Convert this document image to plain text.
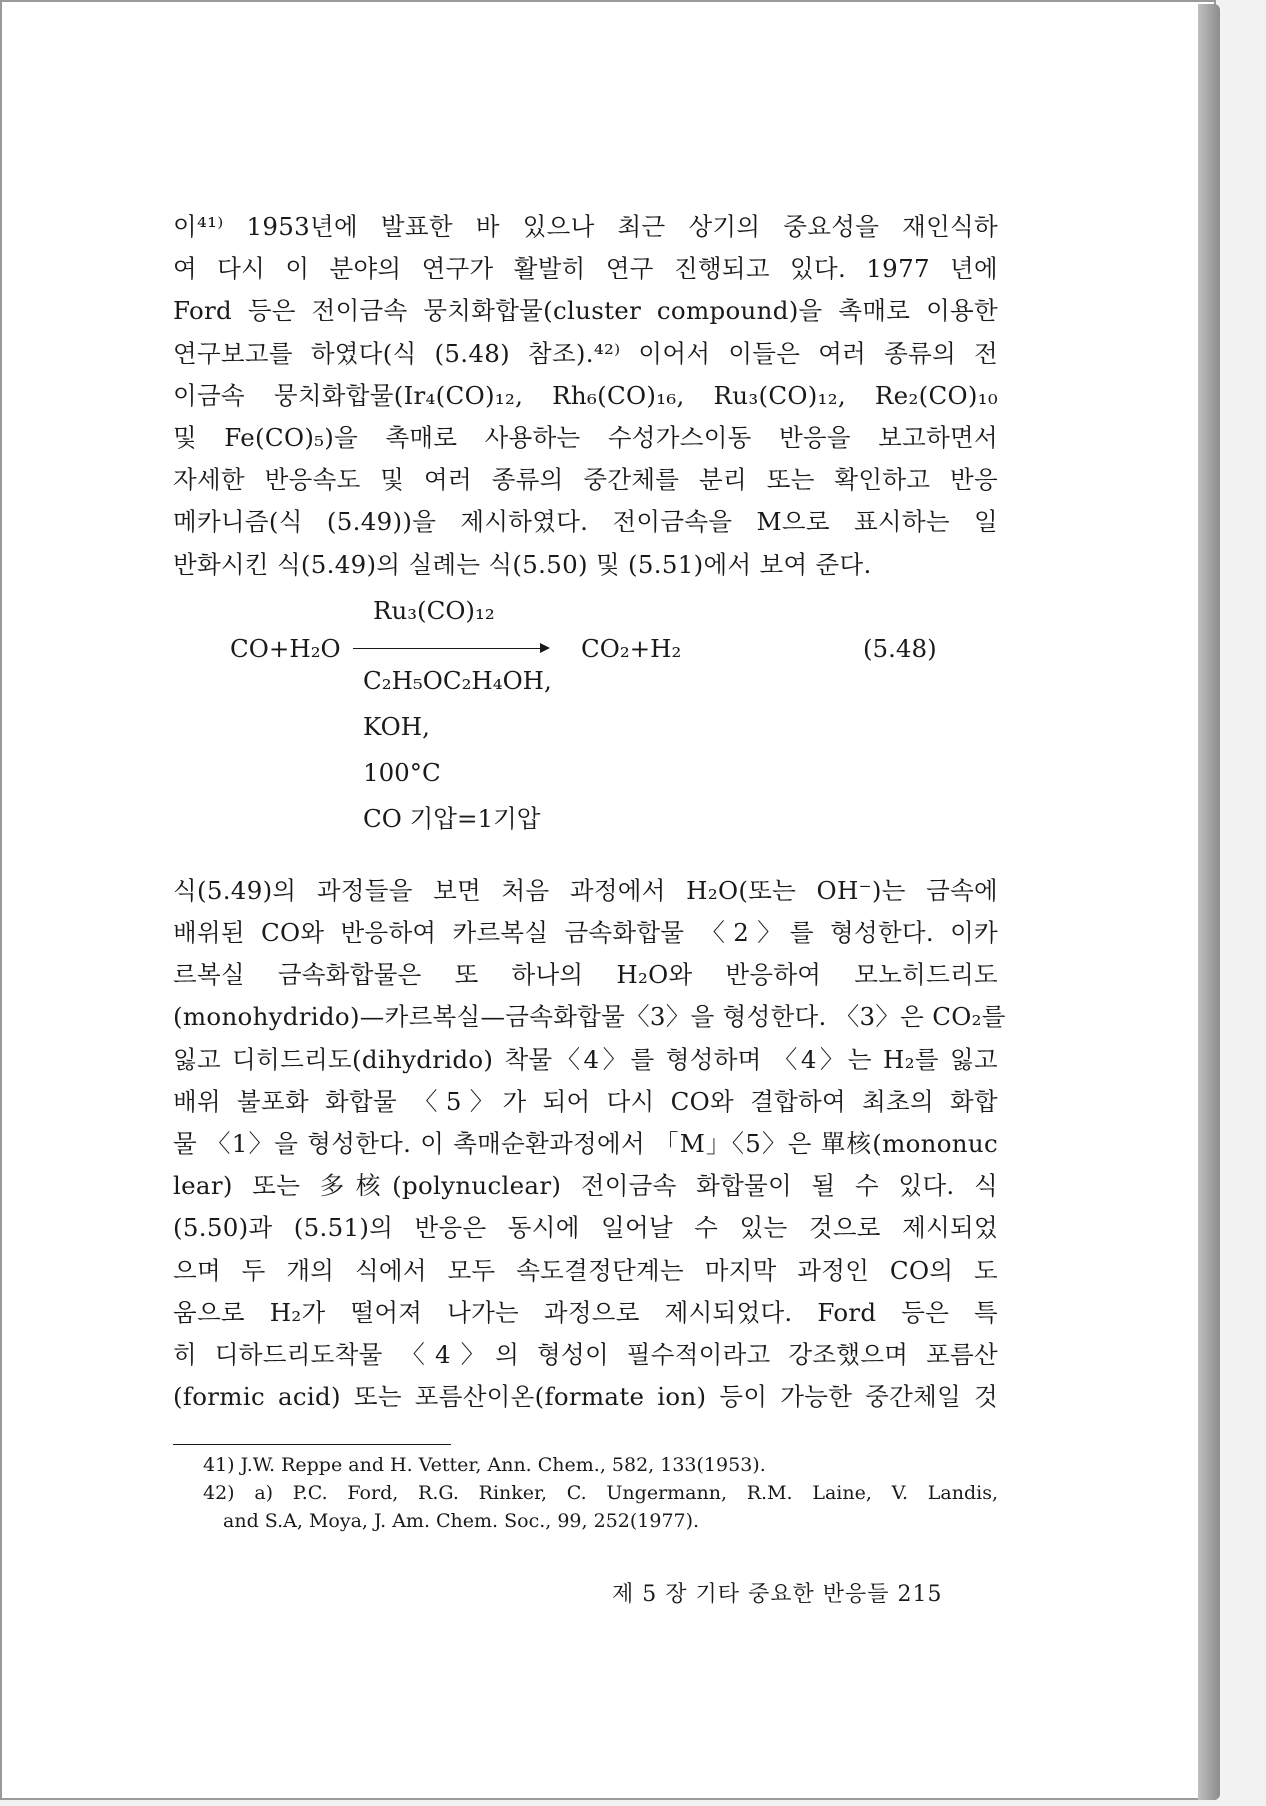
이⁴¹⁾ 1953년에 발표한 바 있으나 최근 상기의 중요성을 재인식하
여 다시 이 분야의 연구가 활발히 연구 진행되고 있다. 1977 년에
Ford 등은 전이금속 뭉치화합물(cluster compound)을 촉매로 이용한
연구보고를 하였다(식 (5.48) 참조).⁴²⁾ 이어서 이들은 여러 종류의 전
이금속 뭉치화합물(Ir₄(CO)₁₂, Rh₆(CO)₁₆, Ru₃(CO)₁₂, Re₂(CO)₁₀
및 Fe(CO)₅)을 촉매로 사용하는 수성가스이동 반응을 보고하면서
자세한 반응속도 및 여러 종류의 중간체를 분리 또는 확인하고 반응
메카니즘(식 (5.49))을 제시하였다. 전이금속을 M으로 표시하는 일
반화시킨 식(5.49)의 실례는 식(5.50) 및 (5.51)에서 보여 준다.

CO+H₂O
Ru₃(CO)₁₂
CO₂+H₂	(5.48)
C₂H₅OC₂H₄OH,
KOH,
100°C
CO 기압=1기압

식(5.49)의 과정들을 보면 처음 과정에서 H₂O(또는 OH⁻)는 금속에
배위된 CO와 반응하여 카르복실 금속화합물 〈2〉를 형성한다. 이카
르복실 금속화합물은 또 하나의 H₂O와 반응하여 모노히드리도
(monohydrido)—카르복실—금속화합물〈3〉을 형성한다. 〈3〉은 CO₂를
잃고 디히드리도(dihydrido) 착물〈4〉를 형성하며 〈4〉는 H₂를 잃고
배위 불포화 화합물 〈5〉가 되어 다시 CO와 결합하여 최초의 화합
물 〈1〉을 형성한다. 이 촉매순환과정에서 「M」〈5〉은 單核(mononuc
lear) 또는 多核(polynuclear) 전이금속 화합물이 될 수 있다. 식
(5.50)과 (5.51)의 반응은 동시에 일어날 수 있는 것으로 제시되었
으며 두 개의 식에서 모두 속도결정단계는 마지막 과정인 CO의 도
움으로 H₂가 떨어져 나가는 과정으로 제시되었다. Ford 등은 특
히 디하드리도착물 〈4〉의 형성이 필수적이라고 강조했으며 포름산
(formic acid) 또는 포름산이온(formate ion) 등이 가능한 중간체일 것

41) J.W. Reppe and H. Vetter, Ann. Chem., 582, 133(1953).
42) a) P.C. Ford, R.G. Rinker, C. Ungermann, R.M. Laine, V. Landis,
and S.A, Moya, J. Am. Chem. Soc., 99, 252(1977).
제 5 장 기타 중요한 반응들 215
